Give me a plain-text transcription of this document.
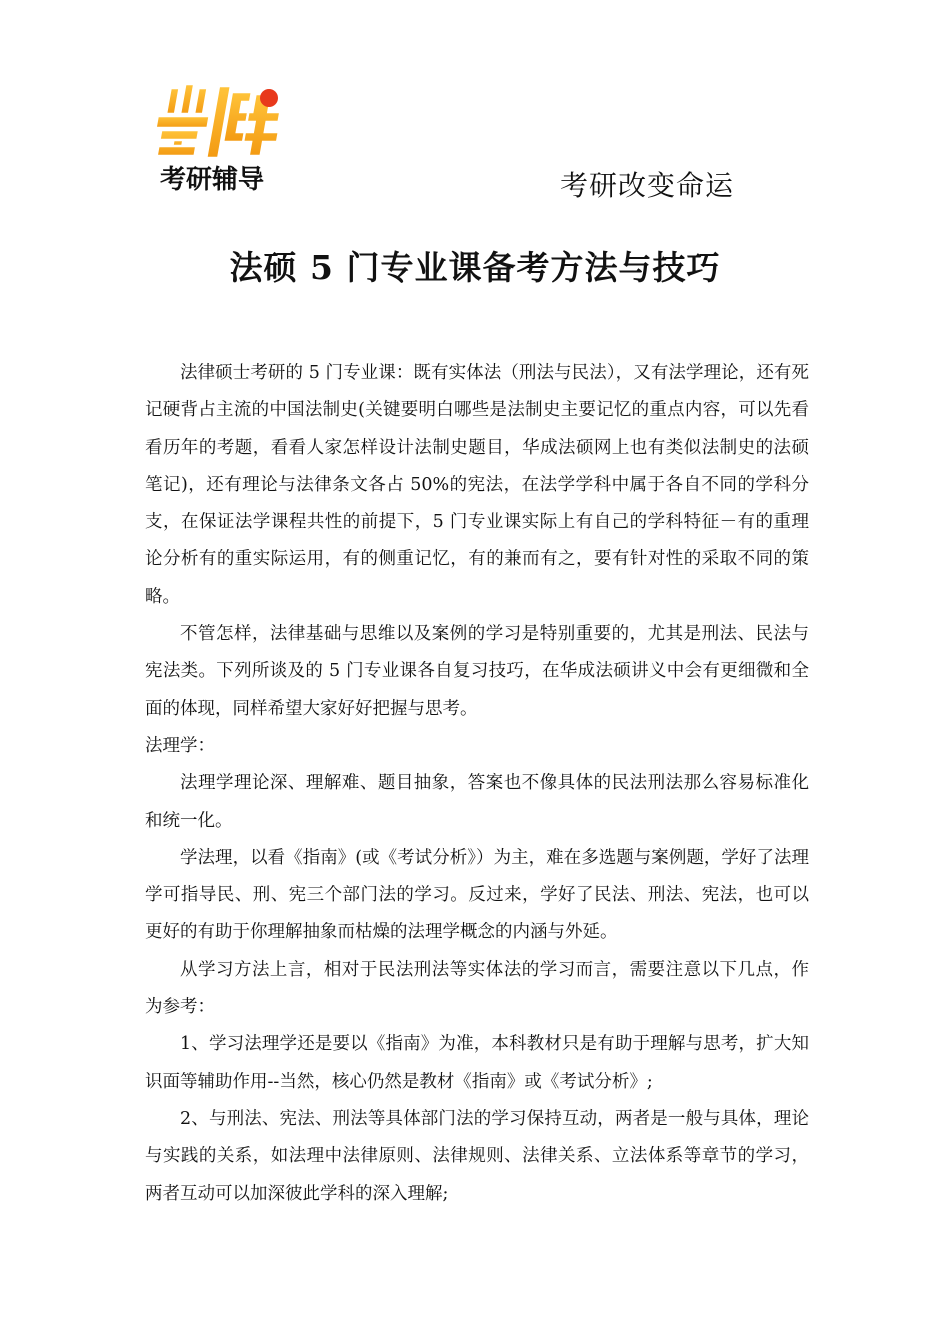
考研辅导	考研改变命运
法硕 5 门专业课备考方法与技巧

法律硕士考研的 5 门专业课：既有实体法（刑法与民法），又有法学理论，还有死记硬背占主流的中国法制史(关键要明白哪些是法制史主要记忆的重点内容，可以先看看历年的考题，看看人家怎样设计法制史题目，华成法硕网上也有类似法制史的法硕笔记)，还有理论与法律条文各占 50%的宪法，在法学学科中属于各自不同的学科分支，在保证法学课程共性的前提下，5 门专业课实际上有自己的学科特征－有的重理论分析有的重实际运用，有的侧重记忆，有的兼而有之，要有针对性的采取不同的策略。

不管怎样，法律基础与思维以及案例的学习是特别重要的，尤其是刑法、民法与宪法类。下列所谈及的 5 门专业课各自复习技巧，在华成法硕讲义中会有更细微和全面的体现，同样希望大家好好把握与思考。

法理学：

法理学理论深、理解难、题目抽象，答案也不像具体的民法刑法那么容易标准化和统一化。

学法理，以看《指南》(或《考试分析》）为主，难在多选题与案例题，学好了法理学可指导民、刑、宪三个部门法的学习。反过来，学好了民法、刑法、宪法，也可以更好的有助于你理解抽象而枯燥的法理学概念的内涵与外延。

从学习方法上言，相对于民法刑法等实体法的学习而言，需要注意以下几点，作为参考：

1、学习法理学还是要以《指南》为准，本科教材只是有助于理解与思考，扩大知识面等辅助作用--当然，核心仍然是教材《指南》或《考试分析》;

2、与刑法、宪法、刑法等具体部门法的学习保持互动，两者是一般与具体，理论与实践的关系，如法理中法律原则、法律规则、法律关系、立法体系等章节的学习，两者互动可以加深彼此学科的深入理解;
